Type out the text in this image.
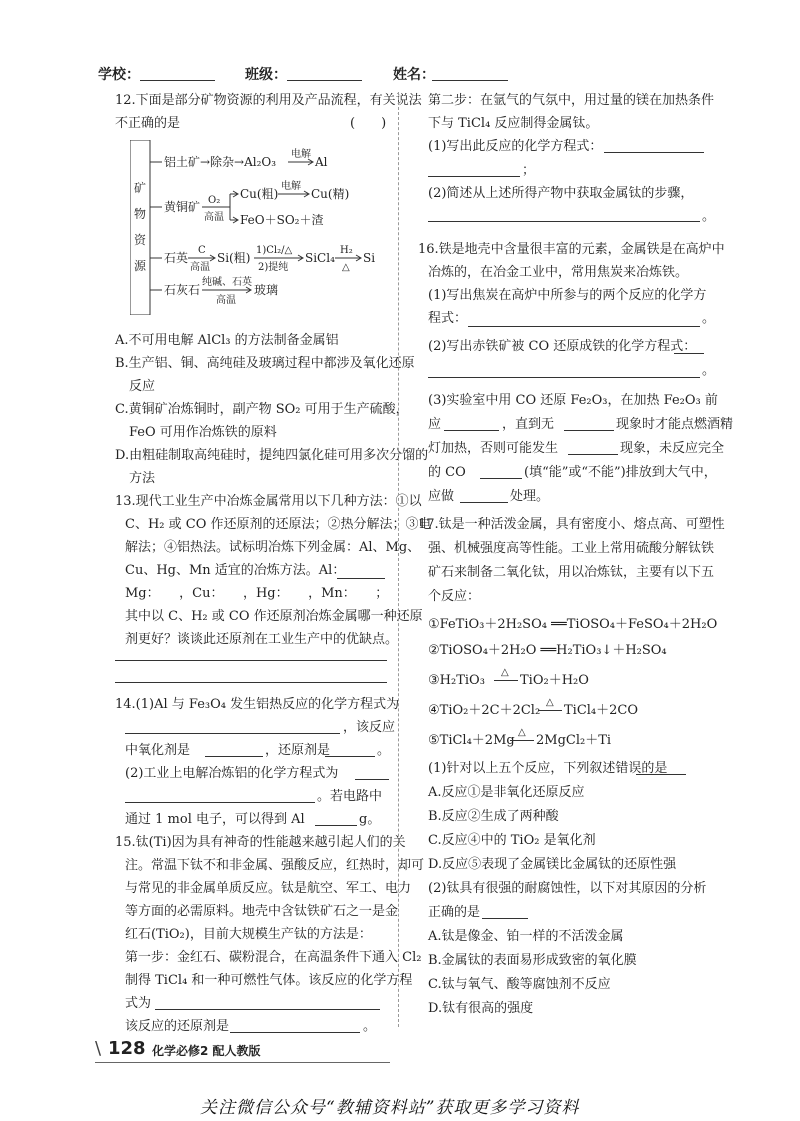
学校：	班级：	姓名：
12.下面是部分矿物资源的利用及产品流程，有关说法
不正确的是	(　　)
A.不可用电解 AlCl₃ 的方法制备金属铝
B.生产铝、铜、高纯硅及玻璃过程中都涉及氧化还原
反应
C.黄铜矿冶炼铜时，副产物 SO₂ 可用于生产硫酸，
FeO 可用作冶炼铁的原料
D.由粗硅制取高纯硅时，提纯四氯化硅可用多次分馏的
方法
13.现代工业生产中冶炼金属常用以下几种方法：①以
C、H₂ 或 CO 作还原剂的还原法；②热分解法；③电
解法；④铝热法。试标明冶炼下列金属：Al、Mg、
Cu、Hg、Mn 适宜的冶炼方法。Al：
Mg：　　，Cu：　　，Hg：　　，Mn：　　；
其中以 C、H₂ 或 CO 作还原剂冶炼金属哪一种还原
剂更好？谈谈此还原剂在工业生产中的优缺点。
14.(1)Al 与 Fe₃O₄ 发生铝热反应的化学方程式为
，该反应
中氧化剂是	，还原剂是	。
(2)工业上电解冶炼铝的化学方程式为
。若电路中
通过 1 mol 电子，可以得到 Al	g。
15.钛(Ti)因为具有神奇的性能越来越引起人们的关
注。常温下钛不和非金属、强酸反应，红热时，却可
与常见的非金属单质反应。钛是航空、军工、电力
等方面的必需原料。地壳中含钛铁矿石之一是金
红石(TiO₂)，目前大规模生产钛的方法是：
第一步：金红石、碳粉混合，在高温条件下通入 Cl₂
制得 TiCl₄ 和一种可燃性气体。该反应的化学方程
式为
该反应的还原剂是	。
矿
物
资
源
铝土矿→除杂→Al₂O₃
电解
Al
黄铜矿 O₂
高温
Cu(粗)
电解
Cu(精)
FeO＋SO₂＋渣
石英
C
高温
Si(粗)
1)Cl₂/△
2)提纯
SiCl₄
H₂
△
Si
石灰石
纯碱、石英
高温
玻璃
第二步：在氩气的气氛中，用过量的镁在加热条件
下与 TiCl₄ 反应制得金属钛。
(1)写出此反应的化学方程式：
；
(2)简述从上述所得产物中获取金属钛的步骤，
。
16.铁是地壳中含量很丰富的元素，金属铁是在高炉中
冶炼的，在冶金工业中，常用焦炭来冶炼铁。
(1)写出焦炭在高炉中所参与的两个反应的化学方
程式：	。
(2)写出赤铁矿被 CO 还原成铁的化学方程式：
。
(3)实验室中用 CO 还原 Fe₂O₃，在加热 Fe₂O₃ 前
应	，直到无	现象时才能点燃酒精
灯加热，否则可能发生	现象，未反应完全
的 CO	(填“能”或“不能”)排放到大气中，
应做	处理。
17.钛是一种活泼金属，具有密度小、熔点高、可塑性
强、机械强度高等性能。工业上常用硫酸分解钛铁
矿石来制备二氧化钛，用以冶炼钛，主要有以下五
个反应：
①FeTiO₃＋2H₂SO₄ ══TiOSO₄＋FeSO₄＋2H₂O
②TiOSO₄＋2H₂O ══H₂TiO₃↓＋H₂SO₄
③H₂TiO₃
△
TiO₂＋H₂O
④TiO₂＋2C＋2Cl₂
△
TiCl₄＋2CO
⑤TiCl₄＋2Mg
△
2MgCl₂＋Ti
(1)针对以上五个反应，下列叙述错误的是
A.反应①是非氧化还原反应
B.反应②生成了两种酸
C.反应④中的 TiO₂ 是氧化剂
D.反应⑤表现了金属镁比金属钛的还原性强
(2)钛具有很强的耐腐蚀性，以下对其原因的分析
正确的是
A.钛是像金、铂一样的不活泼金属
B.金属钛的表面易形成致密的氧化膜
C.钛与氧气、酸等腐蚀剂不反应
D.钛有很高的强度
\ 128 化学必修2 配人教版
关注微信公众号“教辅资料站”获取更多学习资料
